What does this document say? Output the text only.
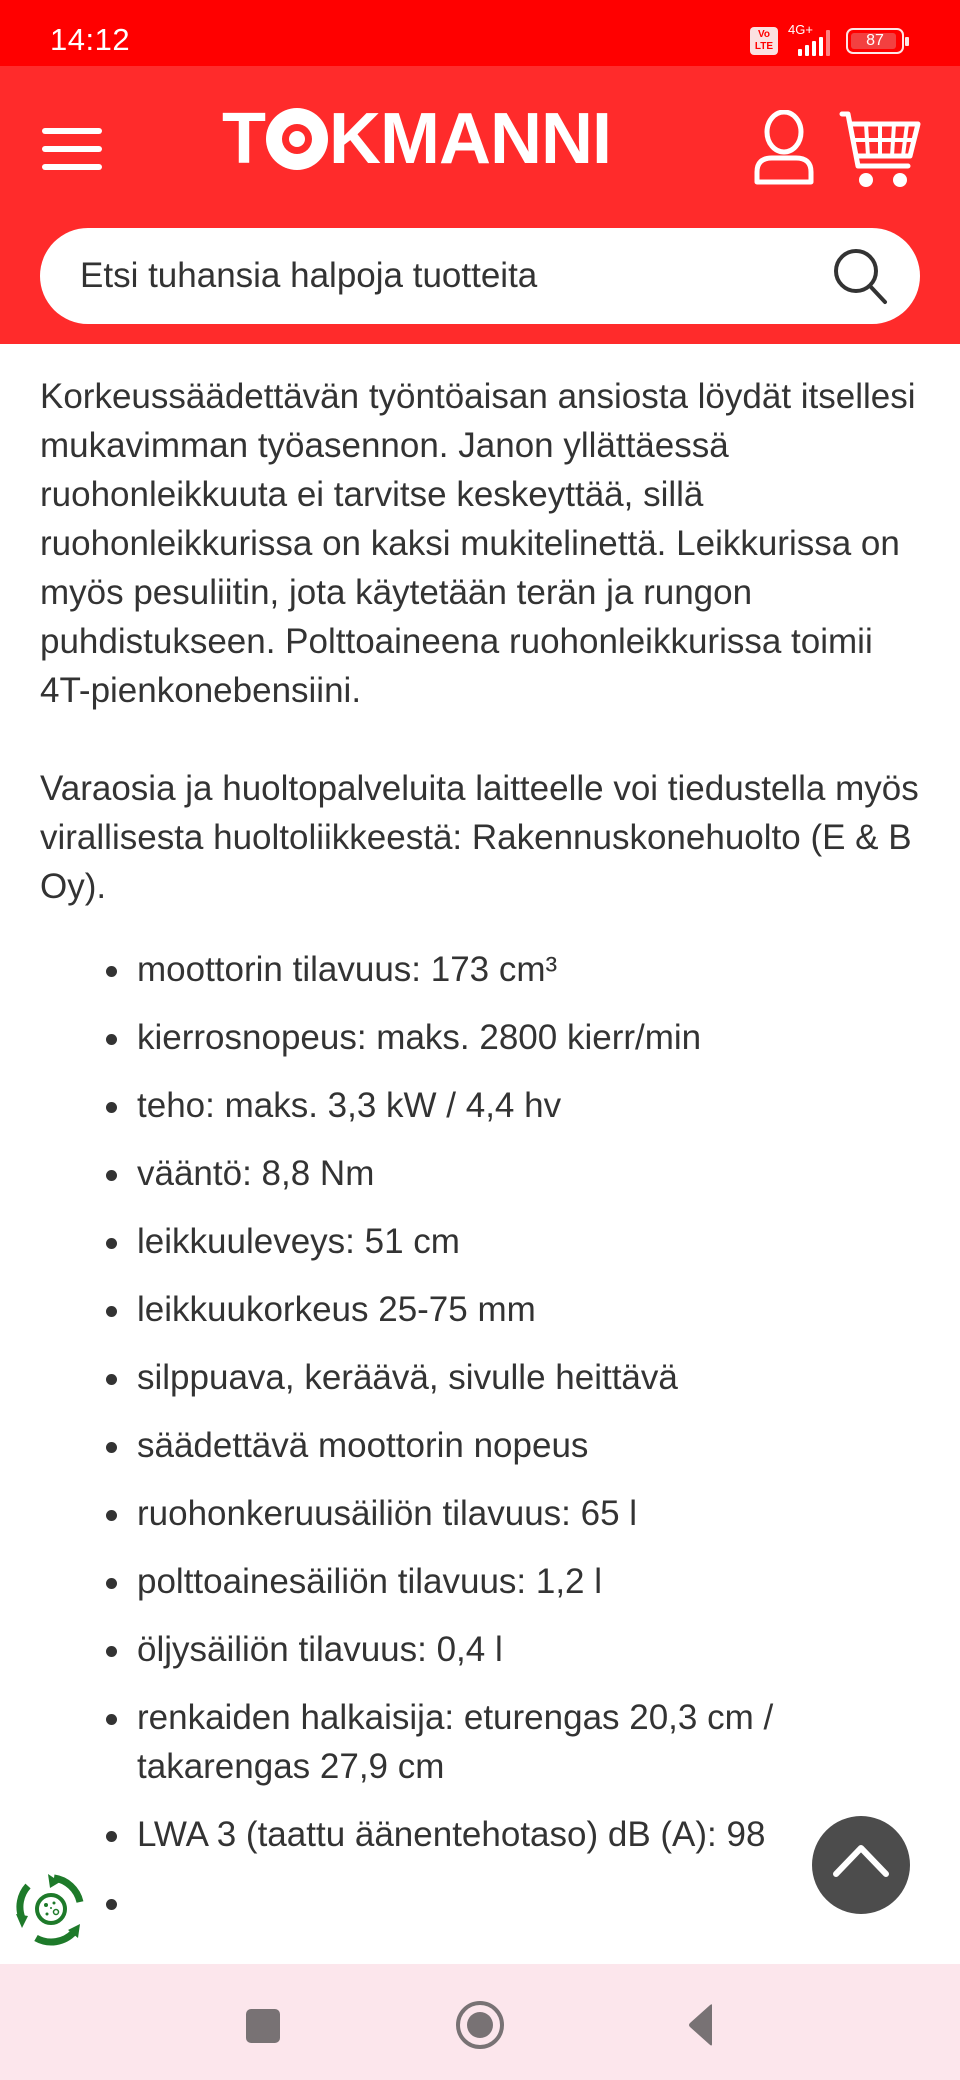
14:12	Vo
LTE
4G+
87
T KMANNI
Etsi tuhansia halpoja tuotteita

Korkeussäädettävän työntöaisan ansiosta löydät itsellesi mukavimman työasennon. Janon yllättäessä ruohonleikkuuta ei tarvitse keskeyttää, sillä ruohonleikkurissa on kaksi mukitelinettä. Leikkurissa on myös pesuliitin, jota käytetään terän ja rungon puhdistukseen. Polttoaineena ruohonleikkurissa toimii 4T-pienkonebensiini.

Varaosia ja huoltopalveluita laitteelle voi tiedustella myös virallisesta huoltoliikkeestä: Rakennuskonehuolto (E & B Oy).

moottorin tilavuus: 173 cm³
kierrosnopeus: maks. 2800 kierr/min
teho: maks. 3,3 kW / 4,4 hv
vääntö: 8,8 Nm
leikkuuleveys: 51 cm
leikkuukorkeus 25-75 mm
silppuava, keräävä, sivulle heittävä
säädettävä moottorin nopeus
ruohonkeruusäiliön tilavuus: 65 l
polttoainesäiliön tilavuus: 1,2 l
öljysäiliön tilavuus: 0,4 l
renkaiden halkaisija: eturengas 20,3 cm / takarengas 27,9 cm
LWA 3 (taattu äänentehotaso) dB (A): 98
